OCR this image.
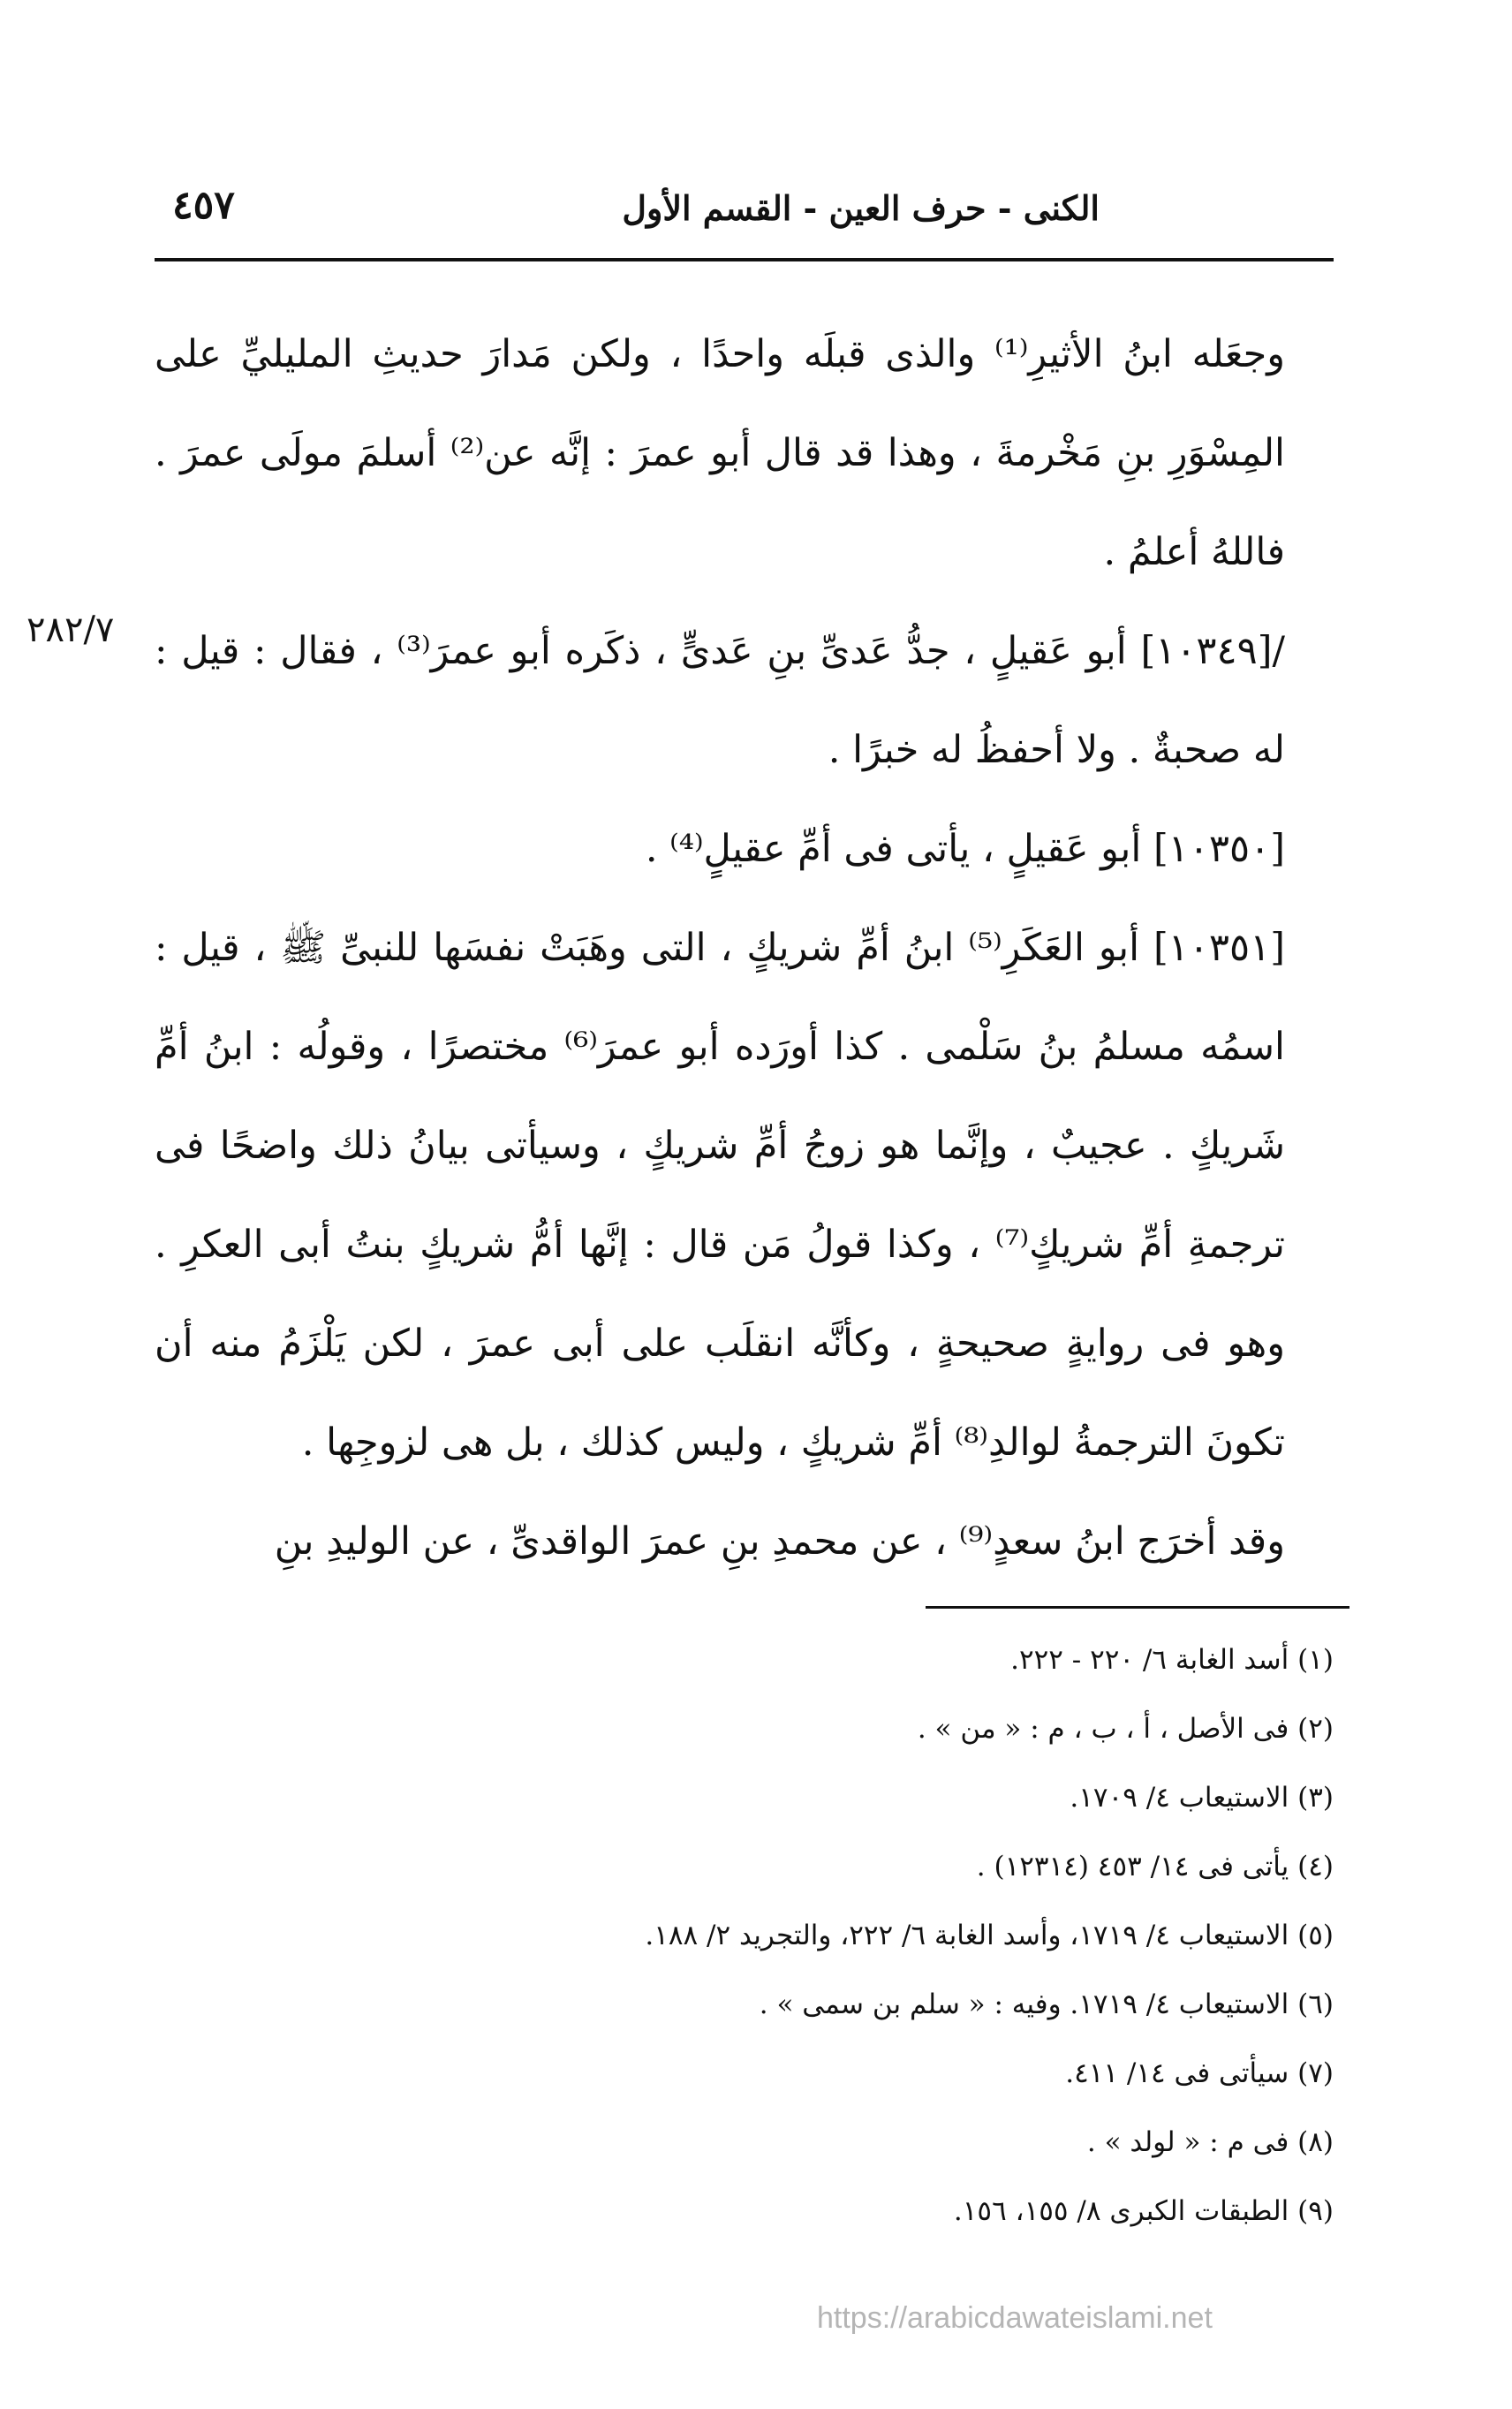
الكنى - حرف العين - القسم الأول
٤٥٧
٢٨٢/٧

وجعَله ابنُ الأثيرِ⁽¹⁾ والذى قبلَه واحدًا ، ولكن مَدارَ حديثِ المليليِّ على المِسْوَرِ بنِ مَخْرمةَ ، وهذا قد قال أبو عمرَ : إنَّه عن⁽²⁾ أسلمَ مولَى عمرَ . فاللهُ أعلمُ .

/[١٠٣٤٩] أبو عَقيلٍ ، جدُّ عَدىِّ بنِ عَدىٍّ ، ذكَره أبو عمرَ⁽³⁾ ، فقال : قيل : له صحبةٌ . ولا أحفظُ له خبرًا .

[١٠٣٥٠] أبو عَقيلٍ ، يأتى فى أمِّ عقيلٍ⁽⁴⁾ .

[١٠٣٥١] أبو العَكَرِ⁽⁵⁾ ابنُ أمِّ شريكٍ ، التى وهَبَتْ نفسَها للنبىِّ ﷺ ، قيل : اسمُه مسلمُ بنُ سَلْمى . كذا أورَده أبو عمرَ⁽⁶⁾ مختصرًا ، وقولُه : ابنُ أمِّ شَريكٍ . عجيبٌ ، وإنَّما هو زوجُ أمِّ شريكٍ ، وسيأتى بيانُ ذلك واضحًا فى ترجمةِ أمِّ شريكٍ⁽⁷⁾ ، وكذا قولُ مَن قال : إنَّها أمُّ شريكٍ بنتُ أبى العكرِ . وهو فى روايةٍ صحيحةٍ ، وكأنَّه انقلَب على أبى عمرَ ، لكن يَلْزَمُ منه أن تكونَ الترجمةُ لوالدِ⁽⁸⁾ أمِّ شريكٍ ، وليس كذلك ، بل هى لزوجِها .

وقد أخرَج ابنُ سعدٍ⁽⁹⁾ ، عن محمدِ بنِ عمرَ الواقدىِّ ، عن الوليدِ بنِ

(١) أسد الغابة ٦/ ٢٢٠ - ٢٢٢.
(٢) فى الأصل ، أ ، ب ، م : « من » .
(٣) الاستيعاب ٤/ ١٧٠٩.
(٤) يأتى فى ١٤/ ٤٥٣ (١٢٣١٤) .
(٥) الاستيعاب ٤/ ١٧١٩، وأسد الغابة ٦/ ٢٢٢، والتجريد ٢/ ١٨٨.
(٦) الاستيعاب ٤/ ١٧١٩. وفيه : « سلم بن سمى » .
(٧) سيأتى فى ١٤/ ٤١١.
(٨) فى م : « لولد » .
(٩) الطبقات الكبرى ٨/ ١٥٥، ١٥٦.
https://arabicdawateislami.net
